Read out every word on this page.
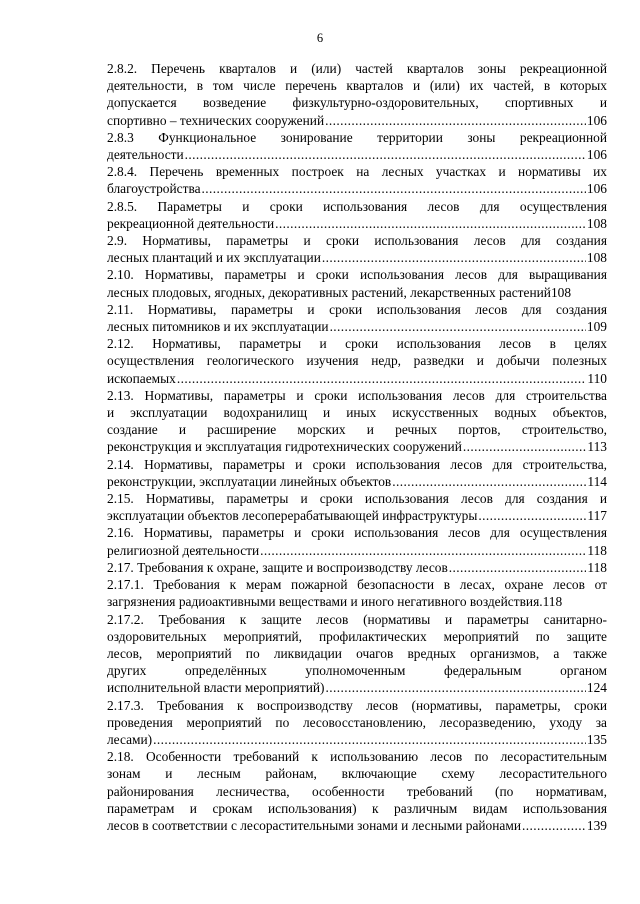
6
2.8.2. Перечень кварталов и (или) частей кварталов зоны рекреационной
деятельности, в том числе перечень кварталов и (или) их частей, в которых
допускается возведение физкультурно-оздоровительных, спортивных и
спортивно – технических сооружений .....	106
2.8.3 Функциональное зонирование территории зоны рекреационной
деятельности .....	106
2.8.4. Перечень временных построек на лесных участках и нормативы их
благоустройства .....	106
2.8.5. Параметры и сроки использования лесов для осуществления
рекреационной деятельности .....	108
2.9. Нормативы, параметры и сроки использования лесов для создания
лесных плантаций и их эксплуатации .....	108
2.10. Нормативы, параметры и сроки использования лесов для выращивания
лесных плодовых, ягодных, декоративных растений, лекарственных растений 108
2.11. Нормативы, параметры и сроки использования лесов для создания
лесных питомников и их эксплуатации .....	109
2.12. Нормативы, параметры и сроки использования лесов в целях
осуществления геологического изучения недр, разведки и добычи полезных
ископаемых .....	110
2.13. Нормативы, параметры и сроки использования лесов для строительства
и эксплуатации водохранилищ и иных искусственных водных объектов,
создание и расширение морских и речных портов, строительство,
реконструкция и эксплуатация гидротехнических сооружений .....	113
2.14. Нормативы, параметры и сроки использования лесов для строительства,
реконструкции, эксплуатации линейных объектов .....	114
2.15. Нормативы, параметры и сроки использования лесов для создания и
эксплуатации объектов лесоперерабатывающей инфраструктуры .....	117
2.16. Нормативы, параметры и сроки использования лесов для осуществления
религиозной деятельности .....	118
2.17. Требования к охране, защите и воспроизводству лесов .....	118
2.17.1. Требования к мерам пожарной безопасности в лесах, охране лесов от
загрязнения радиоактивными веществами и иного негативного воздействия. 118
2.17.2. Требования к защите лесов (нормативы и параметры санитарно-
оздоровительных мероприятий, профилактических мероприятий по защите
лесов, мероприятий по ликвидации очагов вредных организмов, а также
других определённых уполномоченным федеральным органом
исполнительной власти мероприятий) .....	124
2.17.3. Требования к воспроизводству лесов (нормативы, параметры, сроки
проведения мероприятий по лесовосстановлению, лесоразведению, уходу за
лесами) .....	135
2.18. Особенности требований к использованию лесов по лесорастительным
зонам и лесным районам, включающие схему лесорастительного
районирования лесничества, особенности требований (по нормативам,
параметрам и срокам использования) к различным видам использования
лесов в соответствии с лесорастительными зонами и лесными районами .....	139
